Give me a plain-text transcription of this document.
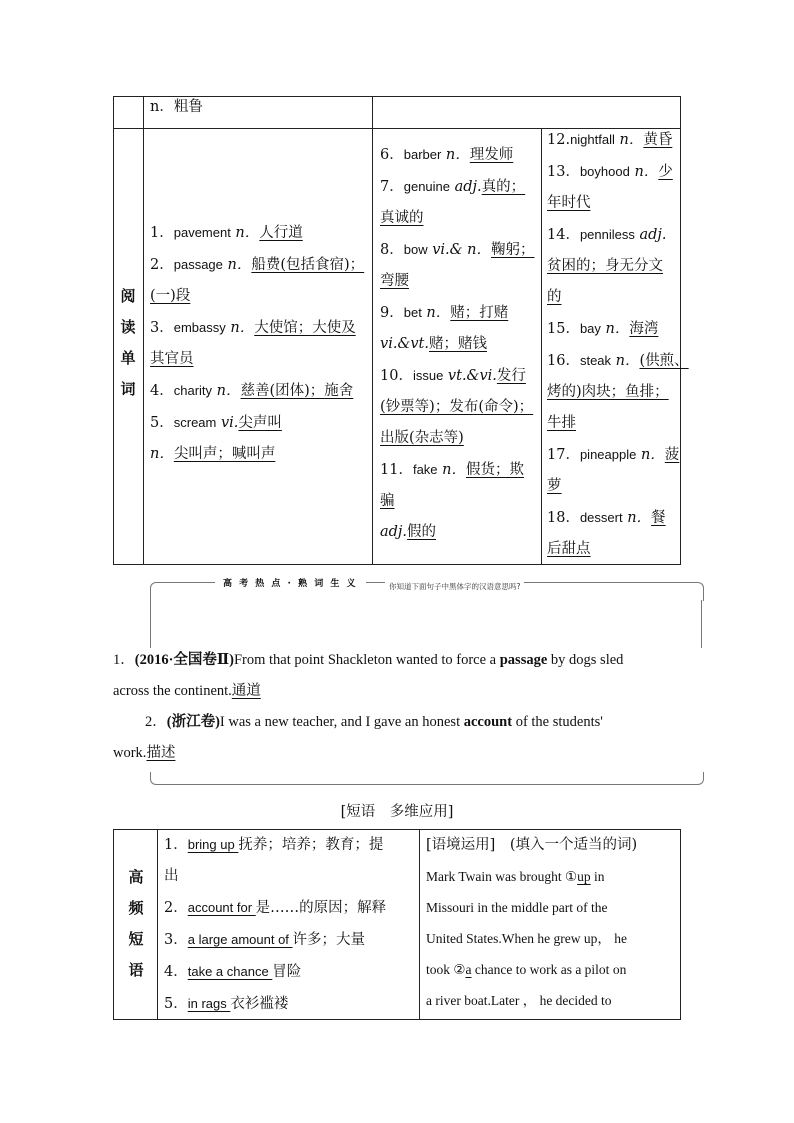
n．粗鲁
阅
读
单
词
1．pavement n．人行道
2．passage n．船费(包括食宿)；
(一)段
3．embassy n．大使馆；大使及
其官员
4．charity n．慈善(团体)；施舍
5．scream vi.尖声叫
n．尖叫声；喊叫声
6．barber n．理发师
7．genuine adj.真的；
真诚的
8．bow vi.& n．鞠躬；
弯腰
9．bet n．赌；打赌
vi.&vt.赌；赌钱
10．issue vt.&vi.发行
(钞票等)；发布(命令)；
出版(杂志等)
11．fake n．假货；欺
骗
adj.假的
12.nightfall n．黄昏
13．boyhood n．少
年时代
14．penniless adj.
贫困的；身无分文
的
15．bay n．海湾
16．steak n．(供煎、
烤的)肉块；鱼排；
牛排
17．pineapple n．菠
萝
18．dessert n．餐
后甜点
高 考 热 点 · 熟 词 生 义	你知道下面句子中黑体字的汉语意思吗?
1．(2016·全国卷Ⅱ)From that point Shackleton wanted to force a passage by dogs sled
across the continent.通道
2．(浙江卷)I was a new teacher, and I gave an honest account of the students'
work.描述
[短语　多维应用]
高
频
短
语
1．bring up 抚养；培养；教育；提
出
2．account for 是……的原因；解释
3．a large amount of 许多；大量
4．take a chance 冒险
5．in rags 衣衫褴褛
[语境运用]　 (填入一个适当的词)
Mark Twain was brought ①up in
Missouri in the middle part of the
United States.When he grew up， he
took ②a chance to work as a pilot on
a river boat.Later ， he decided to
